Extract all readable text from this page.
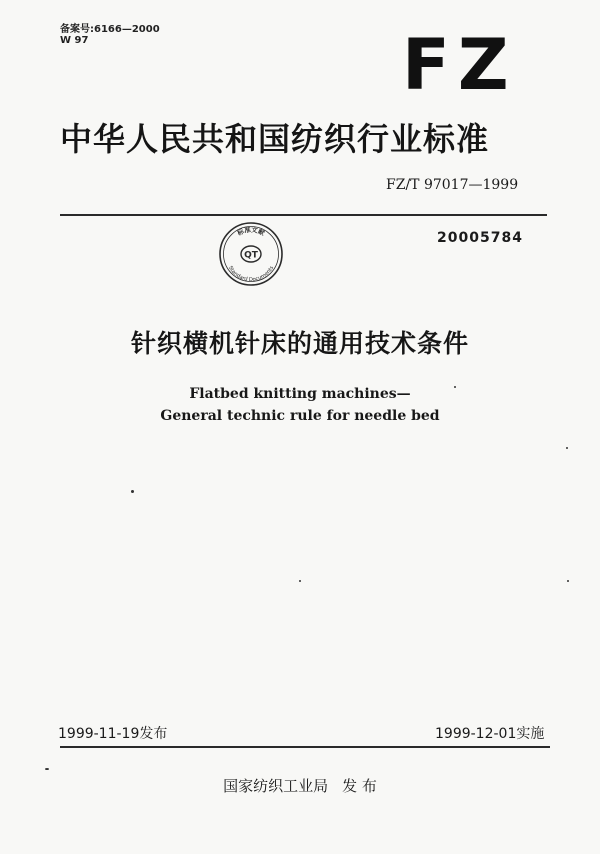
备案号:6166—2000
W 97	FZ
中华人民共和国纺织行业标准
FZ/T 97017—1999
标准文献
QT
Standard Documents
20005784
针织横机针床的通用技术条件
Flatbed knitting machines—
General technic rule for needle bed
1999-11-19发布	1999-12-01实施
国家纺织工业局 发 布
